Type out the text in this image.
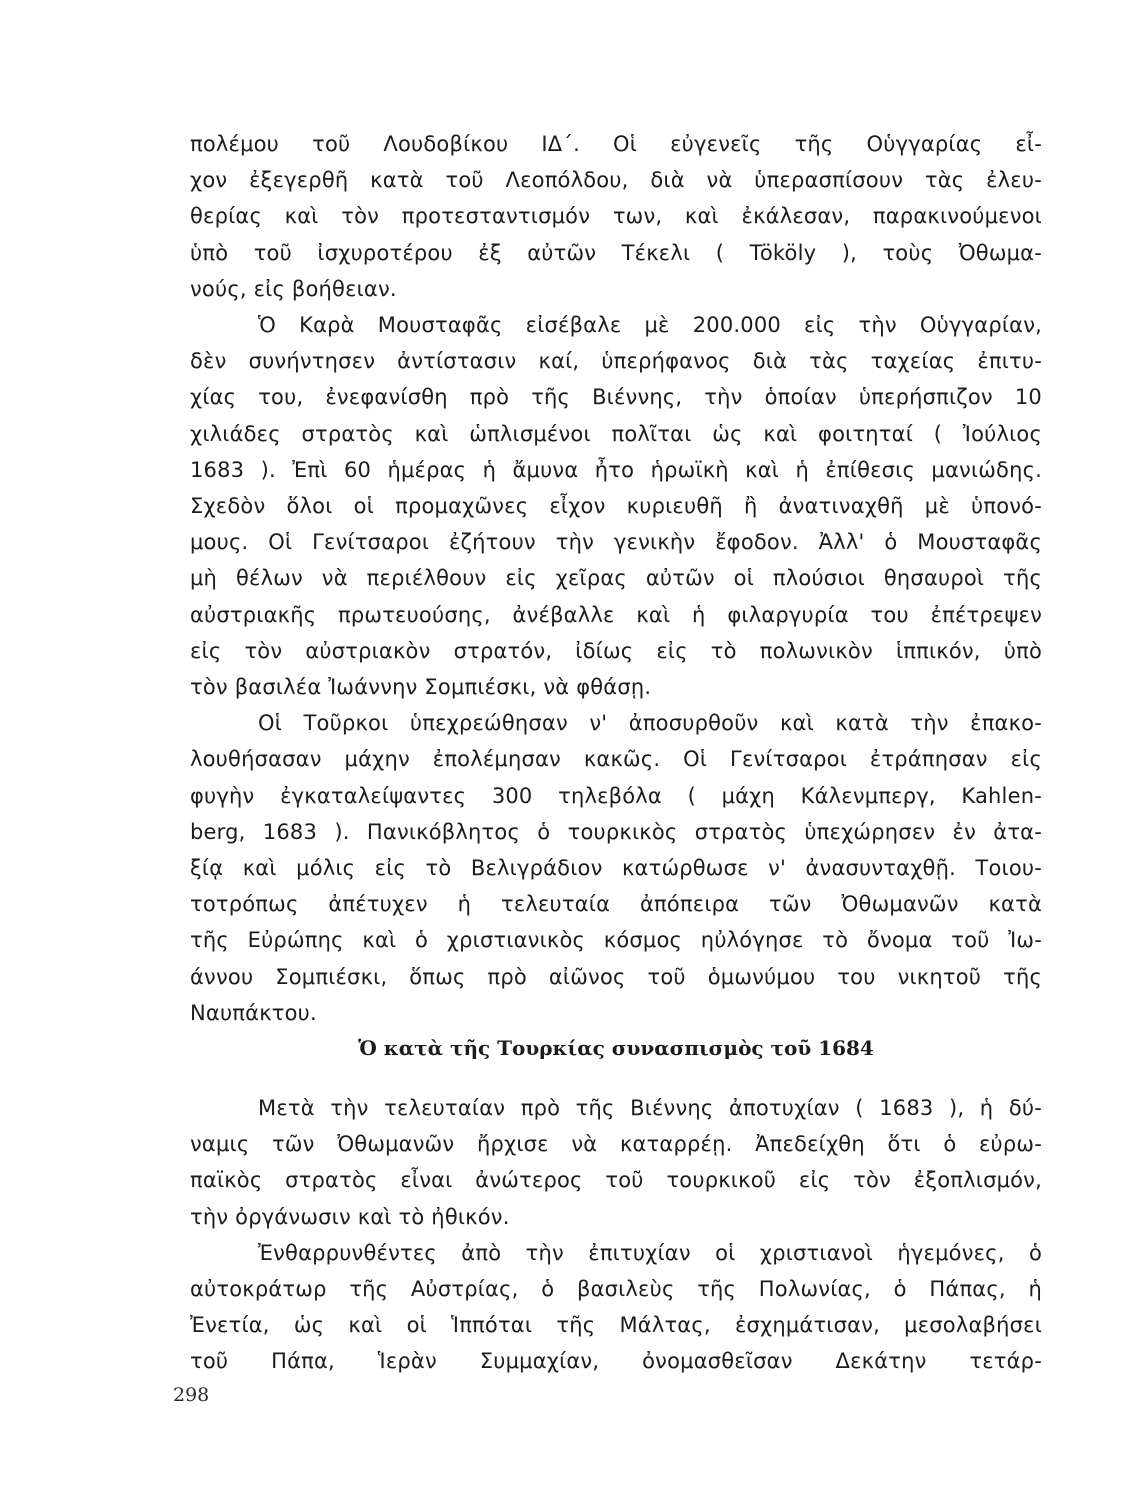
πολέμου τοῦ Λουδοβίκου ΙΔ΄. Οἱ εὐγενεῖς τῆς Οὑγγαρίας εἶ-
χον ἐξεγερθῆ κατὰ τοῦ Λεοπόλδου, διὰ νὰ ὑπερασπίσουν τὰς ἐλευ-
θερίας καὶ τὸν προτεσταντισμόν των, καὶ ἐκάλεσαν, παρακινούμενοι
ὑπὸ τοῦ ἰσχυροτέρου ἐξ αὐτῶν Τέκελι ( Tököly ), τοὺς Ὀθωμα-
νούς, εἰς βοήθειαν.
Ὁ Καρὰ Μουσταφᾶς εἰσέβαλε μὲ 200.000 εἰς τὴν Οὑγγαρίαν,
δὲν συνήντησεν ἀντίστασιν καί, ὑπερήφανος διὰ τὰς ταχείας ἐπιτυ-
χίας του, ἐνεφανίσθη πρὸ τῆς Βιέννης, τὴν ὁποίαν ὑπερήσπιζον 10
χιλιάδες στρατὸς καὶ ὡπλισμένοι πολῖται ὡς καὶ φοιτηταί ( Ἰούλιος
1683 ). Ἐπὶ 60 ἡμέρας ἡ ἄμυνα ἦτο ἡρωϊκὴ καὶ ἡ ἐπίθεσις μανιώδης.
Σχεδὸν ὅλοι οἱ προμαχῶνες εἶχον κυριευθῆ ἢ ἀνατιναχθῆ μὲ ὑπονό-
μους. Οἱ Γενίτσαροι ἐζήτουν τὴν γενικὴν ἔφοδον. Ἀλλ' ὁ Μουσταφᾶς
μὴ θέλων νὰ περιέλθουν εἰς χεῖρας αὐτῶν οἱ πλούσιοι θησαυροὶ τῆς
αὐστριακῆς πρωτευούσης, ἀνέβαλλε καὶ ἡ φιλαργυρία του ἐπέτρεψεν
εἰς τὸν αὐστριακὸν στρατόν, ἰδίως εἰς τὸ πολωνικὸν ἱππικόν, ὑπὸ
τὸν βασιλέα Ἰωάννην Σομπιέσκι, νὰ φθάσῃ.
Οἱ Τοῦρκοι ὑπεχρεώθησαν ν' ἀποσυρθοῦν καὶ κατὰ τὴν ἐπακο-
λουθήσασαν μάχην ἐπολέμησαν κακῶς. Οἱ Γενίτσαροι ἐτράπησαν εἰς
φυγὴν ἐγκαταλείψαντες 300 τηλεβόλα ( μάχη Κάλενμπεργ, Kahlen-
berg, 1683 ). Πανικόβλητος ὁ τουρκικὸς στρατὸς ὑπεχώρησεν ἐν ἀτα-
ξίᾳ καὶ μόλις εἰς τὸ Βελιγράδιον κατώρθωσε ν' ἀνασυνταχθῇ. Τοιου-
τοτρόπως ἀπέτυχεν ἡ τελευταία ἀπόπειρα τῶν Ὀθωμανῶν κατὰ
τῆς Εὐρώπης καὶ ὁ χριστιανικὸς κόσμος ηὐλόγησε τὸ ὄνομα τοῦ Ἰω-
άννου Σομπιέσκι, ὅπως πρὸ αἰῶνος τοῦ ὁμωνύμου του νικητοῦ τῆς
Ναυπάκτου.
Ὁ κατὰ τῆς Τουρκίας συνασπισμὸς τοῦ 1684
Μετὰ τὴν τελευταίαν πρὸ τῆς Βιέννης ἀποτυχίαν ( 1683 ), ἡ δύ-
ναμις τῶν Ὀθωμανῶν ἤρχισε νὰ καταρρέῃ. Ἀπεδείχθη ὅτι ὁ εὐρω-
παϊκὸς στρατὸς εἶναι ἀνώτερος τοῦ τουρκικοῦ εἰς τὸν ἐξοπλισμόν,
τὴν ὀργάνωσιν καὶ τὸ ἠθικόν.
Ἐνθαρρυνθέντες ἀπὸ τὴν ἐπιτυχίαν οἱ χριστιανοὶ ἡγεμόνες, ὁ
αὐτοκράτωρ τῆς Αὐστρίας, ὁ βασιλεὺς τῆς Πολωνίας, ὁ Πάπας, ἡ
Ἐνετία, ὡς καὶ οἱ Ἱππόται τῆς Μάλτας, ἐσχημάτισαν, μεσολαβήσει
τοῦ Πάπα, Ἱερὰν Συμμαχίαν, ὀνομασθεῖσαν Δεκάτην τετάρ-
298
